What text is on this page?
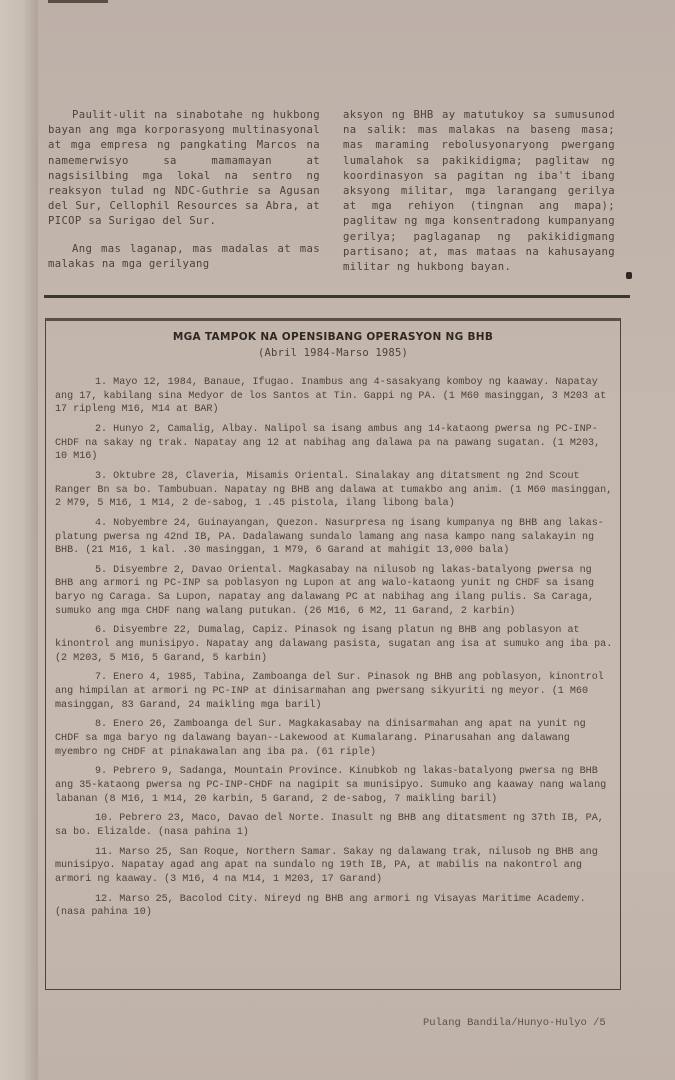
Paulit-ulit na sinabotahe ng hukbong bayan ang mga korporasyong multinasyonal at mga empresa ng pangkating Marcos na namemerwisyo sa mamamayan at nagsisilbing mga lokal na sentro ng reaksyon tulad ng NDC-Guthrie sa Agusan del Sur, Cellophil Resources sa Abra, at PICOP sa Surigao del Sur.

Ang mas laganap, mas madalas at mas malakas na mga gerilyang

aksyon ng BHB ay matutukoy sa sumusunod na salik: mas malakas na baseng masa; mas maraming rebolusyonaryong pwergang lumalahok sa pakikidigma; paglitaw ng koordinasyon sa pagitan ng iba't ibang aksyong militar, mga larangang gerilya at mga rehiyon (tingnan ang mapa); paglitaw ng mga konsentradong kumpanyang gerilya; paglaganap ng pakikidigmang partisano; at, mas mataas na kahusayang militar ng hukbong bayan.

MGA TAMPOK NA OPENSIBANG OPERASYON NG BHB
(Abril 1984-Marso 1985)

1. Mayo 12, 1984, Banaue, Ifugao. Inambus ang 4-sasakyang komboy ng kaaway. Napatay ang 17, kabilang sina Medyor de los Santos at Tin. Gappi ng PA. (1 M60 masinggan, 3 M203 at 17 ripleng M16, M14 at BAR)

2. Hunyo 2, Camalig, Albay. Nalipol sa isang ambus ang 14-kataong pwersa ng PC-INP-CHDF na sakay ng trak. Napatay ang 12 at nabihag ang dalawa pa na pawang sugatan. (1 M203, 10 M16)

3. Oktubre 28, Claveria, Misamis Oriental. Sinalakay ang ditatsment ng 2nd Scout Ranger Bn sa bo. Tambubuan. Napatay ng BHB ang dalawa at tumakbo ang anim. (1 M60 masinggan, 2 M79, 5 M16, 1 M14, 2 de-sabog, 1 .45 pistola, ilang libong bala)

4. Nobyembre 24, Guinayangan, Quezon. Nasurpresa ng isang kumpanya ng BHB ang lakas-platung pwersa ng 42nd IB, PA. Dadalawang sundalo lamang ang nasa kampo nang salakayin ng BHB. (21 M16, 1 kal. .30 masinggan, 1 M79, 6 Garand at mahigit 13,000 bala)

5. Disyembre 2, Davao Oriental. Magkasabay na nilusob ng lakas-batalyong pwersa ng BHB ang armori ng PC-INP sa poblasyon ng Lupon at ang walo-kataong yunit ng CHDF sa isang baryo ng Caraga. Sa Lupon, napatay ang dalawang PC at nabihag ang ilang pulis. Sa Caraga, sumuko ang mga CHDF nang walang putukan. (26 M16, 6 M2, 11 Garand, 2 karbin)

6. Disyembre 22, Dumalag, Capiz. Pinasok ng isang platun ng BHB ang poblasyon at kinontrol ang munisipyo. Napatay ang dalawang pasista, sugatan ang isa at sumuko ang iba pa. (2 M203, 5 M16, 5 Garand, 5 karbin)

7. Enero 4, 1985, Tabina, Zamboanga del Sur. Pinasok ng BHB ang poblasyon, kinontrol ang himpilan at armori ng PC-INP at dinisarmahan ang pwersang sikyuriti ng meyor. (1 M60 masinggan, 83 Garand, 24 maikling mga baril)

8. Enero 26, Zamboanga del Sur. Magkakasabay na dinisarmahan ang apat na yunit ng CHDF sa mga baryo ng dalawang bayan--Lakewood at Kumalarang. Pinarusahan ang dalawang myembro ng CHDF at pinakawalan ang iba pa. (61 riple)

9. Pebrero 9, Sadanga, Mountain Province. Kinubkob ng lakas-batalyong pwersa ng BHB ang 35-kataong pwersa ng PC-INP-CHDF na nagipit sa munisipyo. Sumuko ang kaaway nang walang labanan (8 M16, 1 M14, 20 karbin, 5 Garand, 2 de-sabog, 7 maikling baril)

10. Pebrero 23, Maco, Davao del Norte. Inasult ng BHB ang ditatsment ng 37th IB, PA, sa bo. Elizalde. (nasa pahina 1)

11. Marso 25, San Roque, Northern Samar. Sakay ng dalawang trak, nilusob ng BHB ang munisipyo. Napatay agad ang apat na sundalo ng 19th IB, PA, at mabilis na nakontrol ang armori ng kaaway. (3 M16, 4 na M14, 1 M203, 17 Garand)

12. Marso 25, Bacolod City. Nireyd ng BHB ang armori ng Visayas Maritime Academy. (nasa pahina 10)

Pulang Bandila/Hunyo-Hulyo /5
